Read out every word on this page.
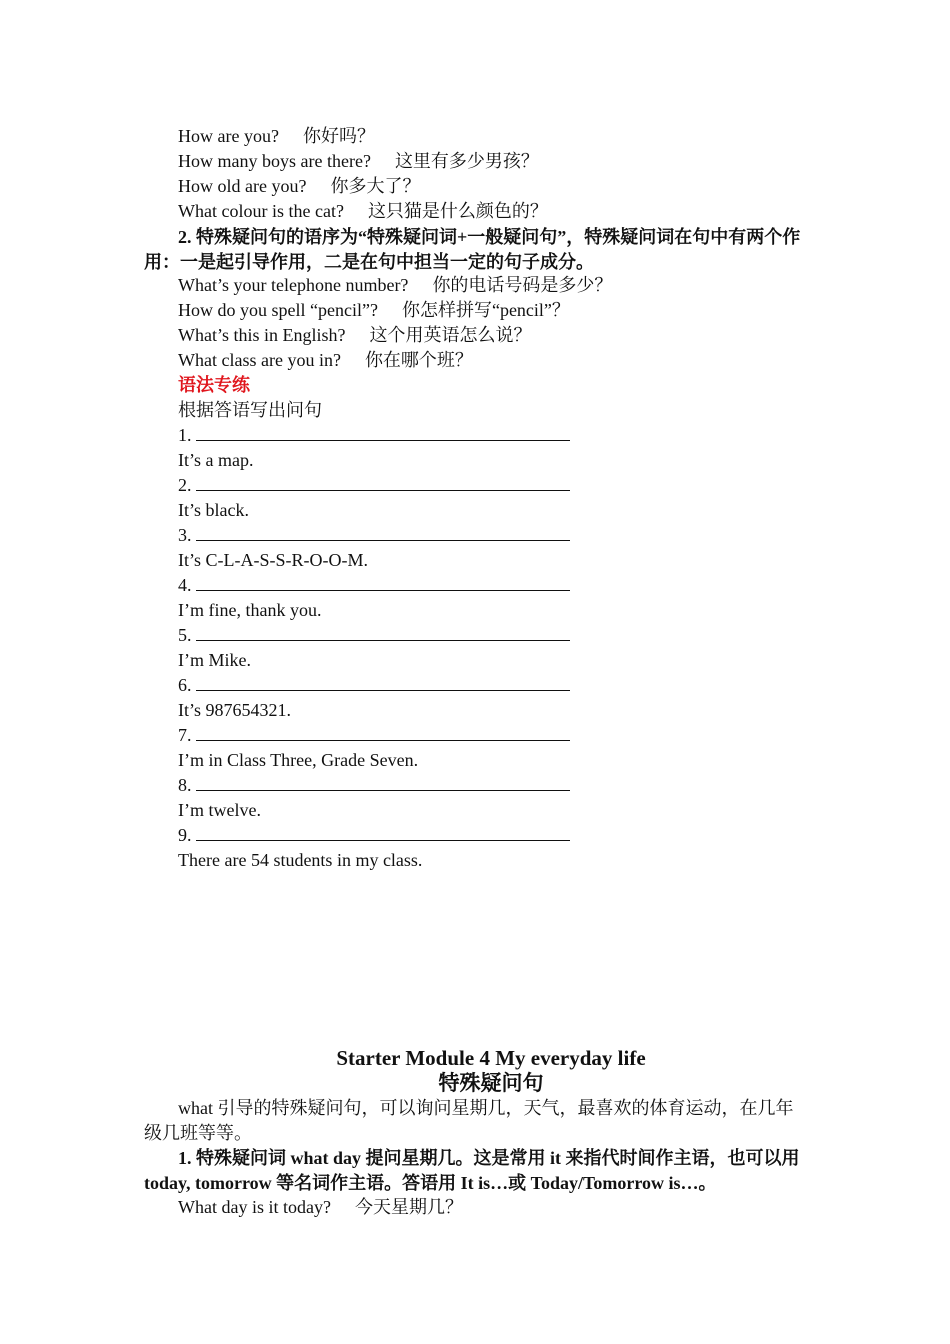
How are you? 你好吗？
How many boys are there? 这里有多少男孩？
How old are you? 你多大了？
What colour is the cat? 这只猫是什么颜色的？
2. 特殊疑问句的语序为“特殊疑问词+一般疑问句”，特殊疑问词在句中有两个作用：一是起引导作用，二是在句中担当一定的句子成分。
What’s your telephone number? 你的电话号码是多少？
How do you spell “pencil”? 你怎样拼写“pencil”？
What’s this in English? 这个用英语怎么说？
What class are you in? 你在哪个班？
语法专练
根据答语写出问句
1.
It’s a map.
2.
It’s black.
3.
It’s C-L-A-S-S-R-O-O-M.
4.
I’m fine, thank you.
5.
I’m Mike.
6.
It’s 987654321.
7.
I’m in Class Three, Grade Seven.
8.
I’m twelve.
9.
There are 54 students in my class.
Starter Module 4 My everyday life
特殊疑问句
what 引导的特殊疑问句，可以询问星期几，天气，最喜欢的体育运动，在几年级几班等等。
1. 特殊疑问词 what day 提问星期几。这是常用 it 来指代时间作主语，也可以用 today, tomorrow 等名词作主语。答语用 It is…或 Today/Tomorrow is…。
What day is it today? 今天星期几？
